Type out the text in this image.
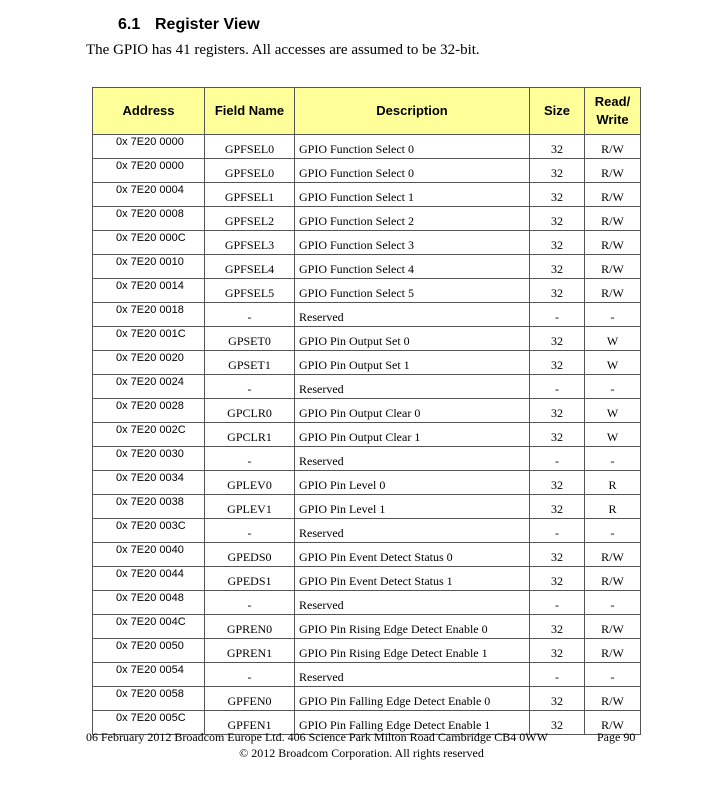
6.1 Register View
The GPIO has 41 registers. All accesses are assumed to be 32-bit.
Address	Field Name	Description	Size	Read/ Write
0x 7E20 0000	GPFSEL0	GPIO Function Select 0	32	R/W
0x 7E20 0000	GPFSEL0	GPIO Function Select 0	32	R/W
0x 7E20 0004	GPFSEL1	GPIO Function Select 1	32	R/W
0x 7E20 0008	GPFSEL2	GPIO Function Select 2	32	R/W
0x 7E20 000C	GPFSEL3	GPIO Function Select 3	32	R/W
0x 7E20 0010	GPFSEL4	GPIO Function Select 4	32	R/W
0x 7E20 0014	GPFSEL5	GPIO Function Select 5	32	R/W
0x 7E20 0018	-	Reserved	-	-
0x 7E20 001C	GPSET0	GPIO Pin Output Set 0	32	W
0x 7E20 0020	GPSET1	GPIO Pin Output Set 1	32	W
0x 7E20 0024	-	Reserved	-	-
0x 7E20 0028	GPCLR0	GPIO Pin Output Clear 0	32	W
0x 7E20 002C	GPCLR1	GPIO Pin Output Clear 1	32	W
0x 7E20 0030	-	Reserved	-	-
0x 7E20 0034	GPLEV0	GPIO Pin Level 0	32	R
0x 7E20 0038	GPLEV1	GPIO Pin Level 1	32	R
0x 7E20 003C	-	Reserved	-	-
0x 7E20 0040	GPEDS0	GPIO Pin Event Detect Status 0	32	R/W
0x 7E20 0044	GPEDS1	GPIO Pin Event Detect Status 1	32	R/W
0x 7E20 0048	-	Reserved	-	-
0x 7E20 004C	GPREN0	GPIO Pin Rising Edge Detect Enable 0	32	R/W
0x 7E20 0050	GPREN1	GPIO Pin Rising Edge Detect Enable 1	32	R/W
0x 7E20 0054	-	Reserved	-	-
0x 7E20 0058	GPFEN0	GPIO Pin Falling Edge Detect Enable 0	32	R/W
0x 7E20 005C	GPFEN1	GPIO Pin Falling Edge Detect Enable 1	32	R/W
06 February 2012 Broadcom Europe Ltd. 406 Science Park Milton Road Cambridge CB4 0WW	Page 90
© 2012 Broadcom Corporation. All rights reserved
